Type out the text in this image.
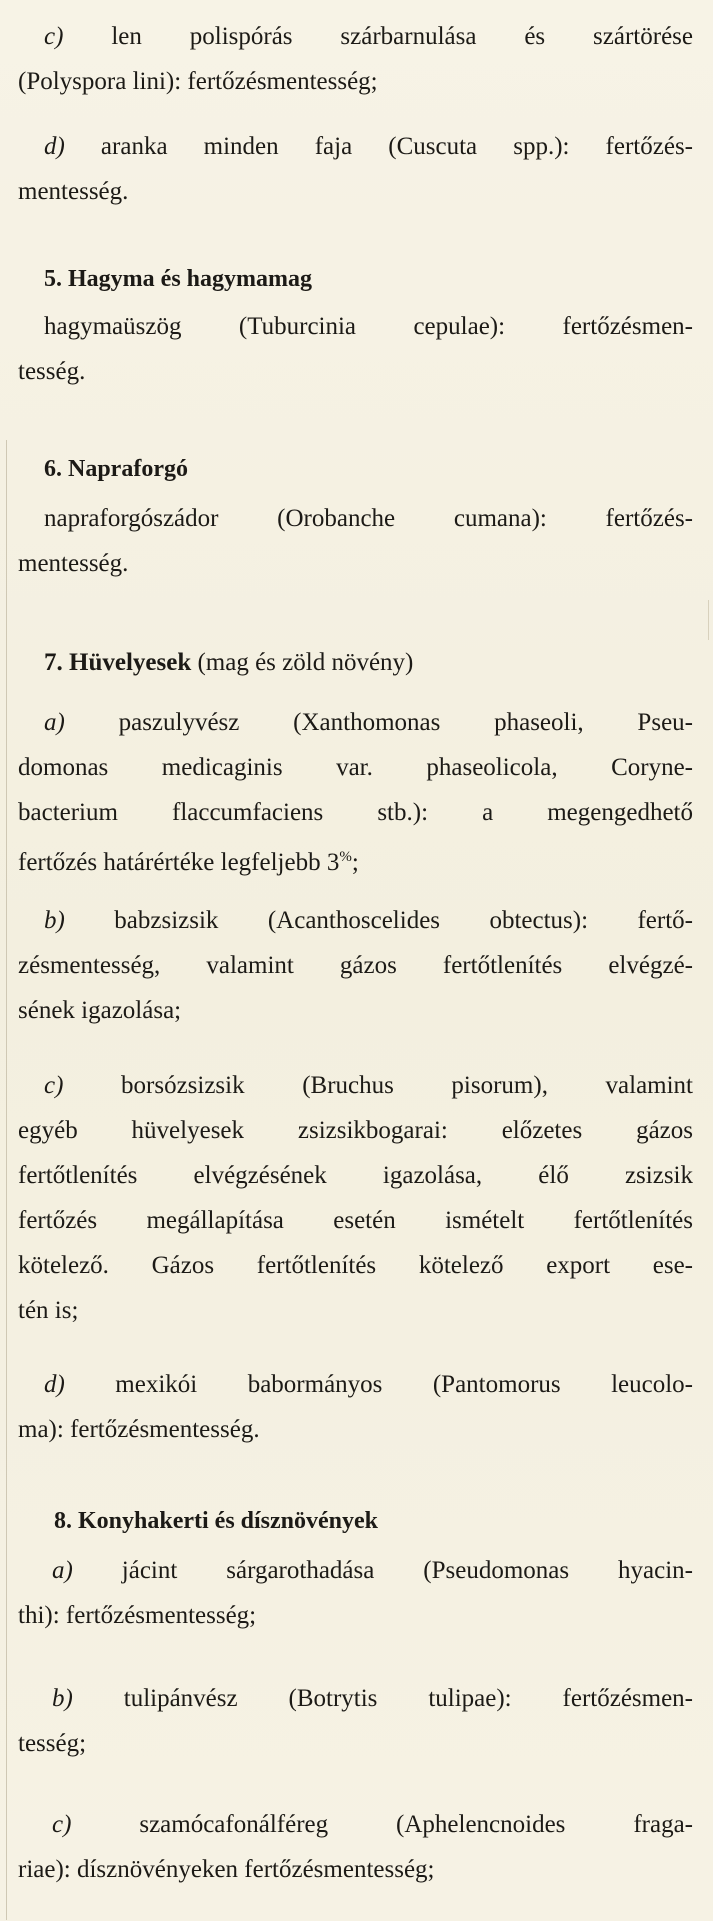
c) len polispórás szárbarnulása és szártörése
(Polyspora lini): fertőzésmentesség;
d) aranka minden faja (Cuscuta spp.): fertőzés-
mentesség.
5. Hagyma és hagymamag
hagymaüszög (Tuburcinia cepulae): fertőzésmen-
tesség.
6. Napraforgó
napraforgószádor (Orobanche cumana): fertőzés-
mentesség.
7. Hüvelyesek (mag és zöld növény)
a) paszulyvész (Xanthomonas phaseoli, Pseu-
domonas medicaginis var. phaseolicola, Coryne-
bacterium flaccumfaciens stb.): a megengedhető
fertőzés határértéke legfeljebb 3%;
b) babzsizsik (Acanthoscelides obtectus): fertő-
zésmentesség, valamint gázos fertőtlenítés elvégzé-
sének igazolása;
c) borsózsizsik (Bruchus pisorum), valamint
egyéb hüvelyesek zsizsikbogarai: előzetes gázos
fertőtlenítés elvégzésének igazolása, élő zsizsik
fertőzés megállapítása esetén ismételt fertőtlenítés
kötelező. Gázos fertőtlenítés kötelező export ese-
tén is;
d) mexikói babormányos (Pantomorus leucolo-
ma): fertőzésmentesség.
8. Konyhakerti és dísznövények
a) jácint sárgarothadása (Pseudomonas hyacin-
thi): fertőzésmentesség;
b) tulipánvész (Botrytis tulipae): fertőzésmen-
tesség;
c)	szamócafonálféreg (Aphelencnoides fraga-
riae): dísznövényeken fertőzésmentesség;
